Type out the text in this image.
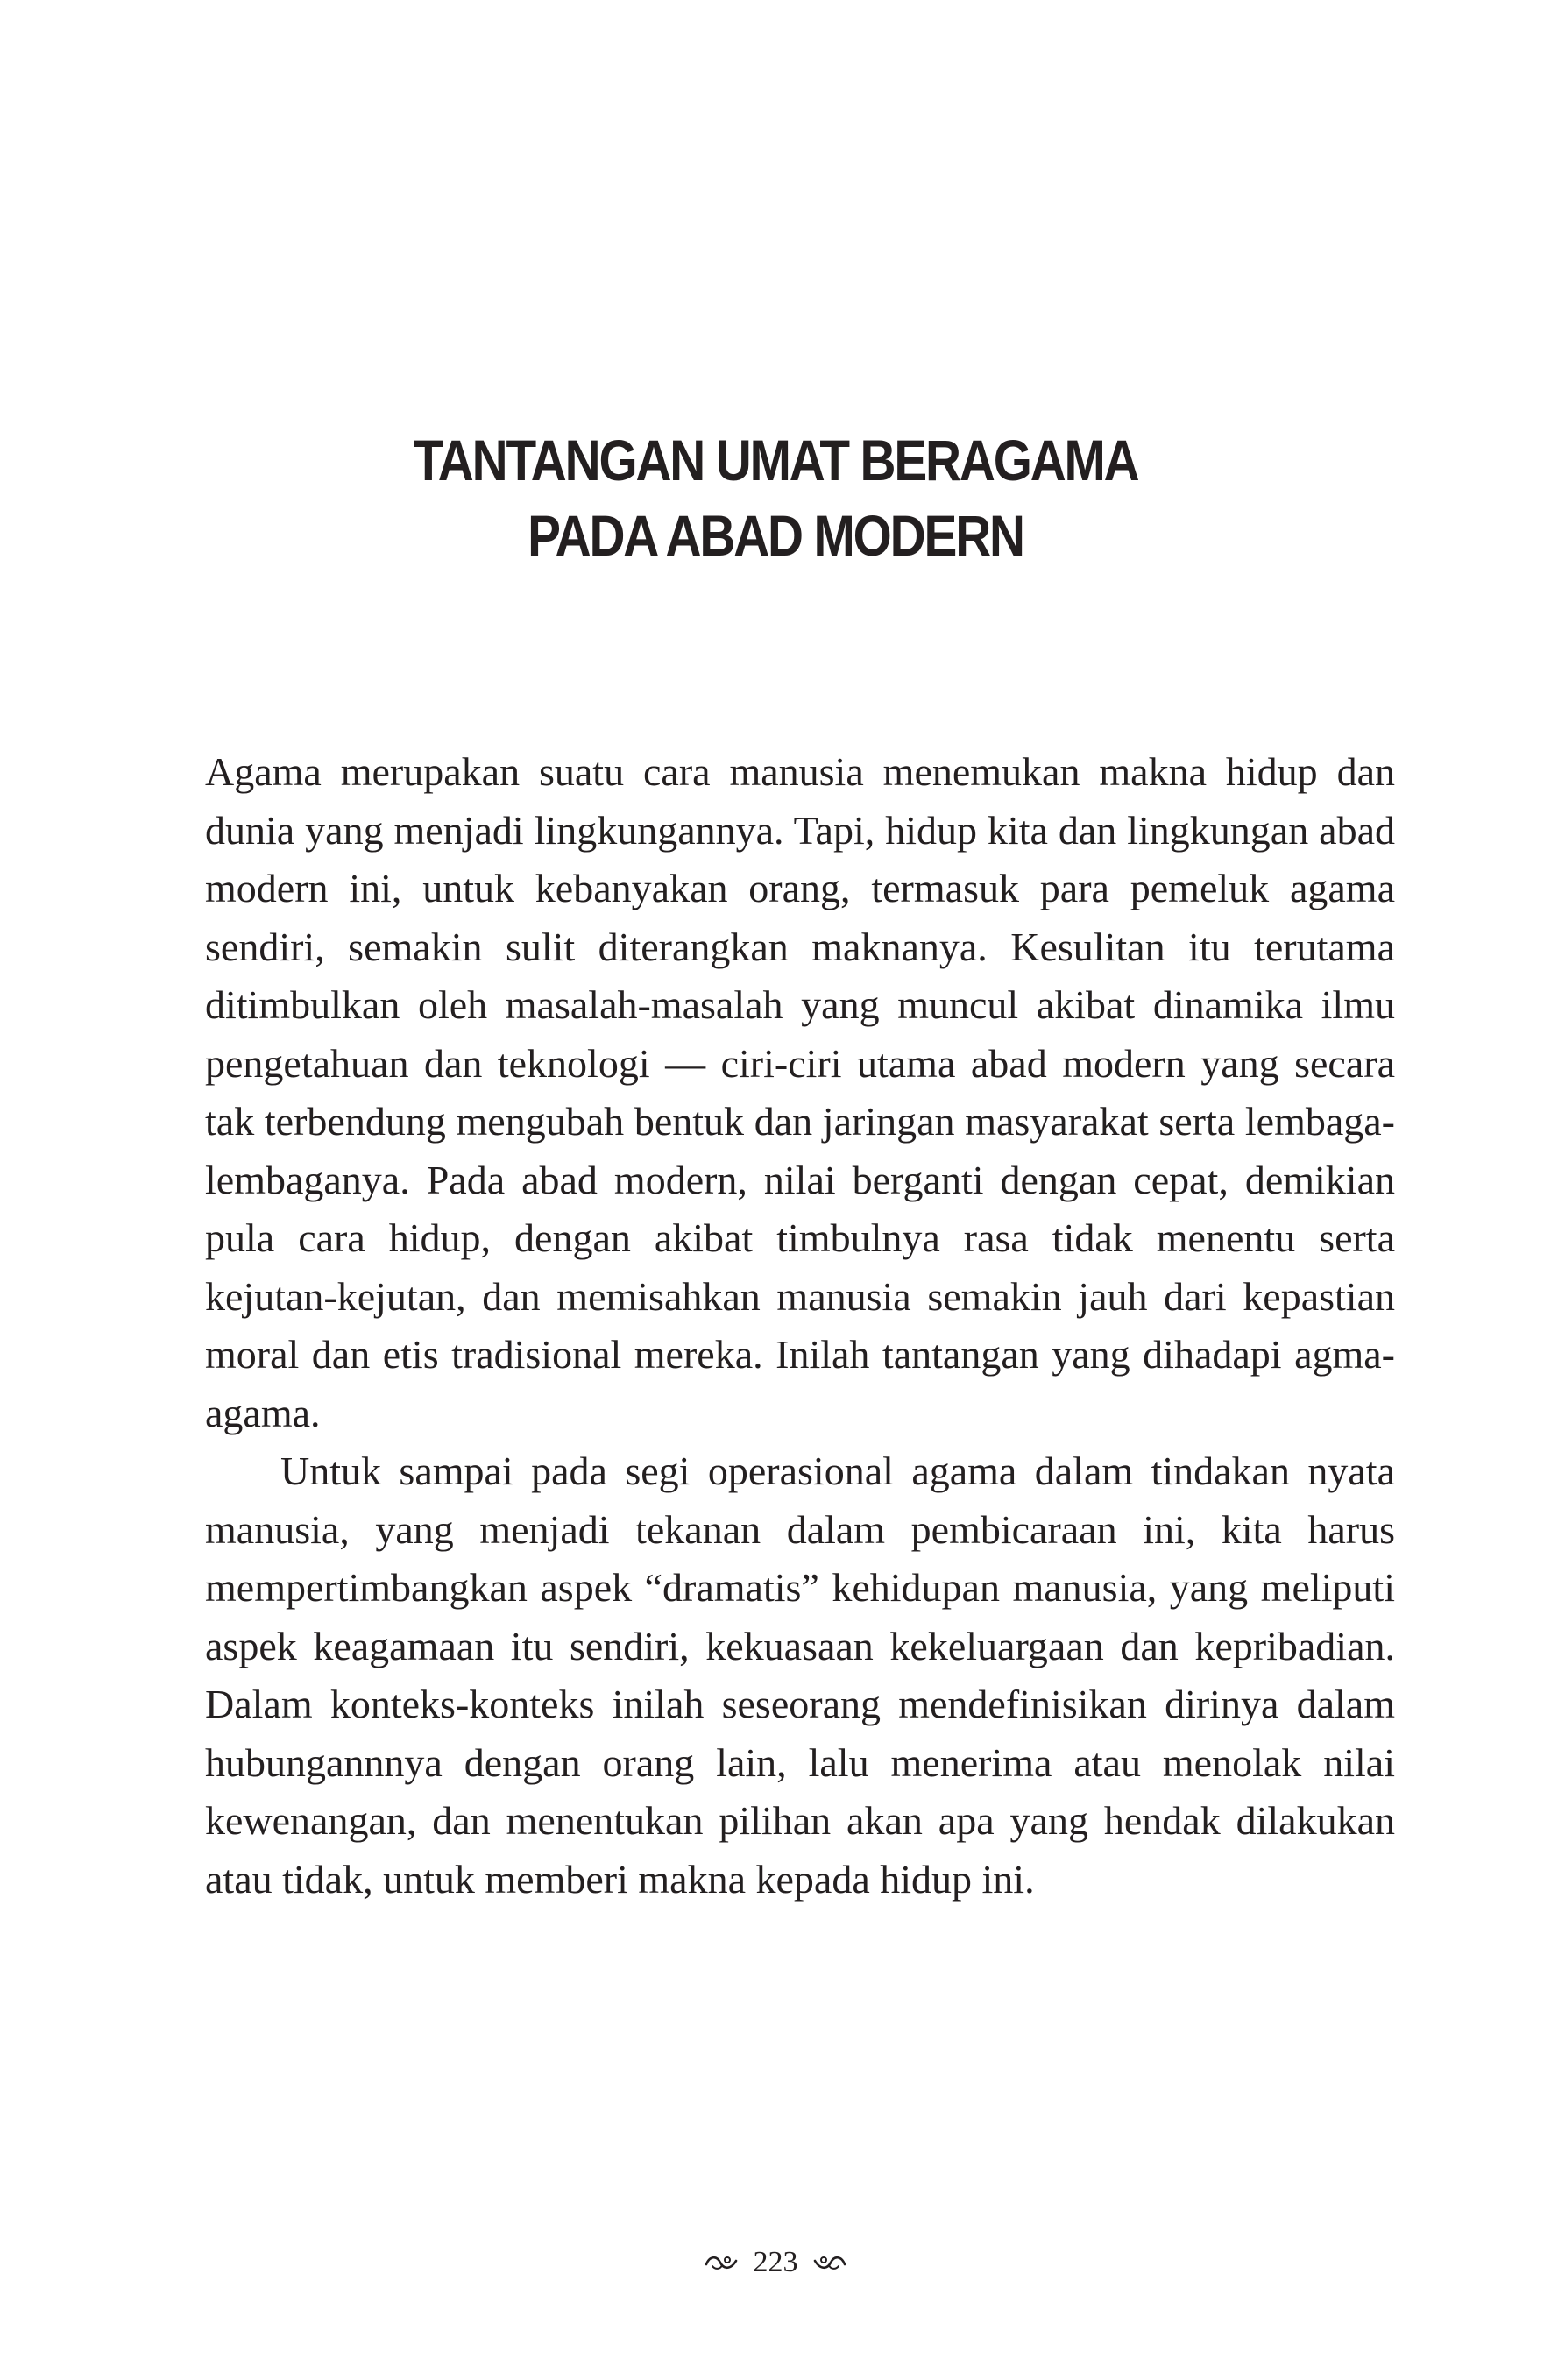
TANTANGAN UMAT BERAGAMA
PADA ABAD MODERN

Agama merupakan suatu cara manusia menemukan makna hidup dan dunia yang menjadi lingkungannya. Tapi, hidup kita dan lingkungan abad modern ini, untuk kebanyakan orang, termasuk para pemeluk agama sendiri, semakin sulit diterangkan maknanya. Kesulitan itu terutama ditimbulkan oleh masalah-masalah yang muncul akibat dinamika ilmu pengetahuan dan teknologi — ciri-ciri utama abad modern yang secara tak terbendung mengubah bentuk dan jaringan masyarakat serta lembaga-lembaganya. Pada abad modern, nilai berganti dengan cepat, demikian pula cara hidup, dengan akibat timbulnya rasa tidak menentu serta kejutan-kejutan, dan memisahkan manusia semakin jauh dari kepastian moral dan etis tradisional mereka. Inilah tantangan yang dihadapi agma-agama.

Untuk sampai pada segi operasional agama dalam tindakan nyata manusia, yang menjadi tekanan dalam pembicaraan ini, kita harus mempertimbangkan aspek “dramatis” kehidupan manusia, yang meliputi aspek keagamaan itu sendiri, kekuasaan kekeluargaan dan kepribadian. Dalam konteks-konteks inilah seseorang mendefinisikan dirinya dalam hubungannnya dengan orang lain, lalu menerima atau menolak nilai kewenangan, dan menentukan pilihan akan apa yang hendak dilakukan atau tidak, untuk memberi makna kepada hidup ini.

223
